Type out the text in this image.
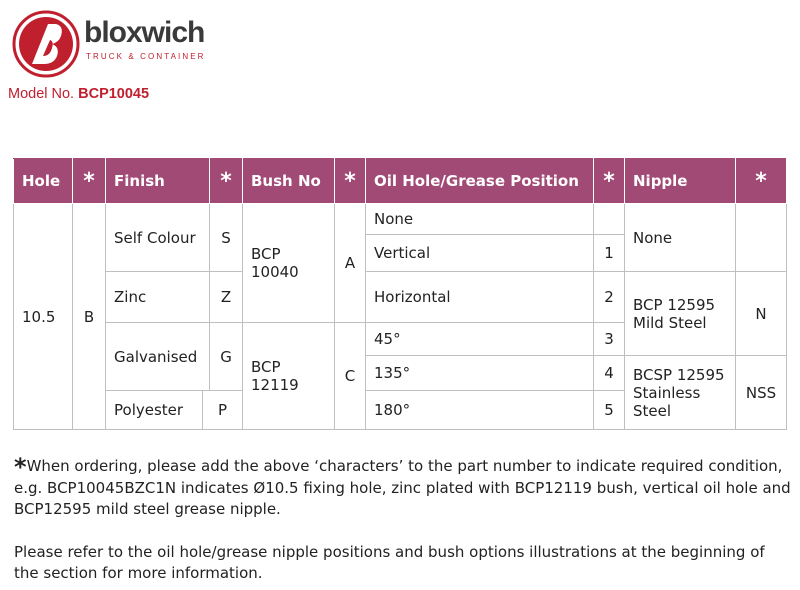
bloxwich
TRUCK & CONTAINER
Model No. BCP10045
Hole	*	Finish	*	Bush No	*	Oil Hole/Grease Position	*	Nipple	*
10.5	B	Self Colour	S	BCP 10040	A	None		None	
						Vertical	1		
		Zinc	Z			Horizontal	2	BCP 12595 Mild Steel	N

		Galvanised	G	BCP 12119	C	45°	3		
						135°	4	BCSP 12595 Stainless Steel	NSS

		Polyester P				180°	5		

*When ordering, please add the above ‘characters’ to the part number to indicate required condition, e.g. BCP10045BZC1N indicates Ø10.5 fixing hole, zinc plated with BCP12119 bush, vertical oil hole and BCP12595 mild steel grease nipple.

Please refer to the oil hole/grease nipple positions and bush options illustrations at the beginning of the section for more information.
